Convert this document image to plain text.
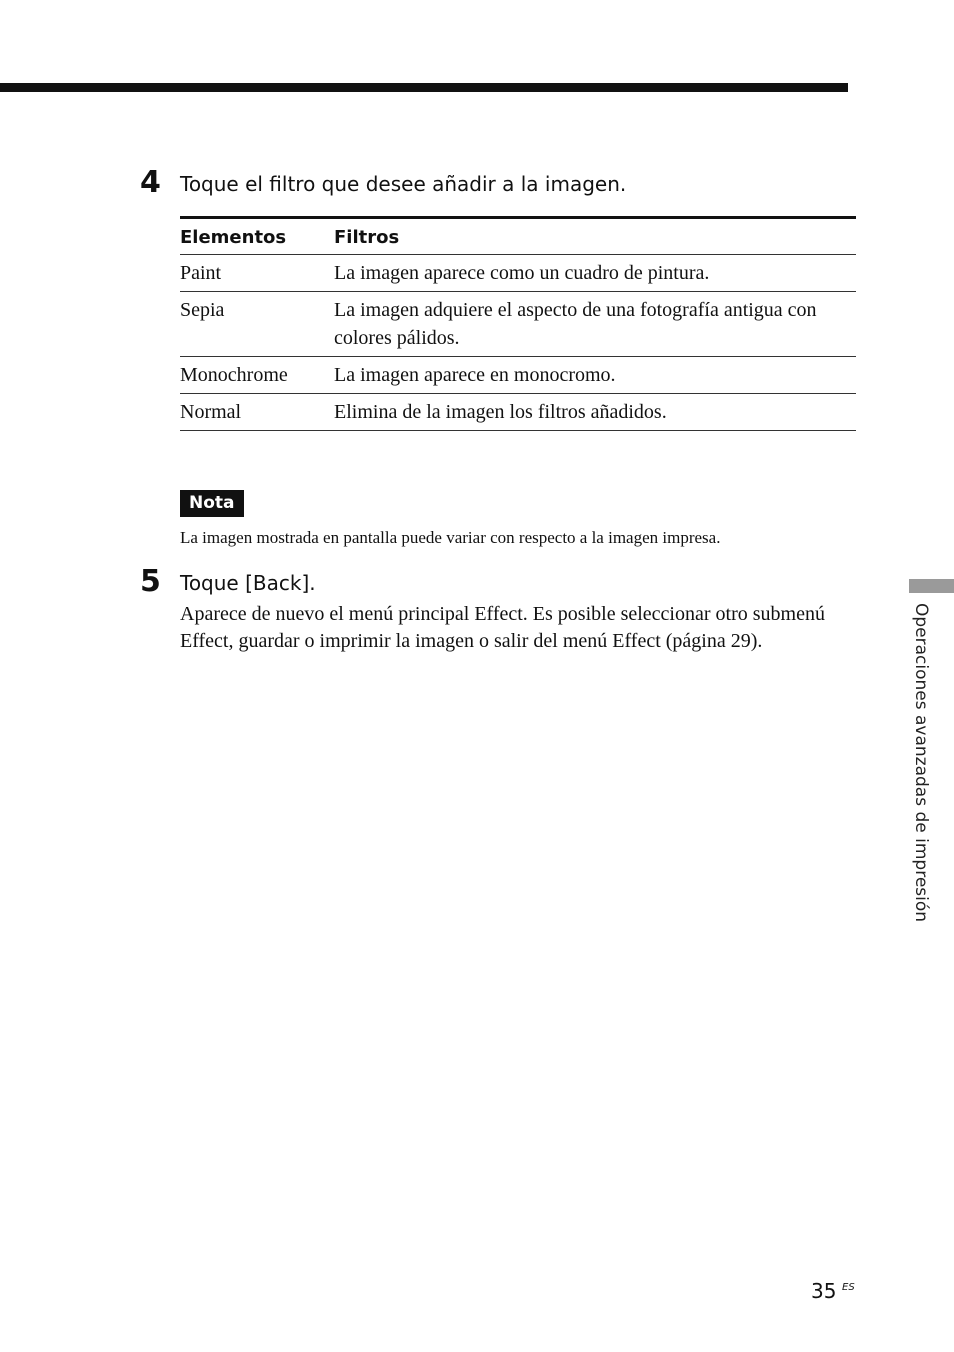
4 Toque el filtro que desee añadir a la imagen.
Elementos	Filtros
Paint	La imagen aparece como un cuadro de pintura.
Sepia	La imagen adquiere el aspecto de una fotografía antigua con colores pálidos.
Monochrome	La imagen aparece en monocromo.
Normal	Elimina de la imagen los filtros añadidos.
Nota
La imagen mostrada en pantalla puede variar con respecto a la imagen impresa.
5 Toque [Back].
Aparece de nuevo el menú principal Effect. Es posible seleccionar otro submenú Effect, guardar o imprimir la imagen o salir del menú Effect (página 29).	Operaciones avanzadas de impresión
35 ES
